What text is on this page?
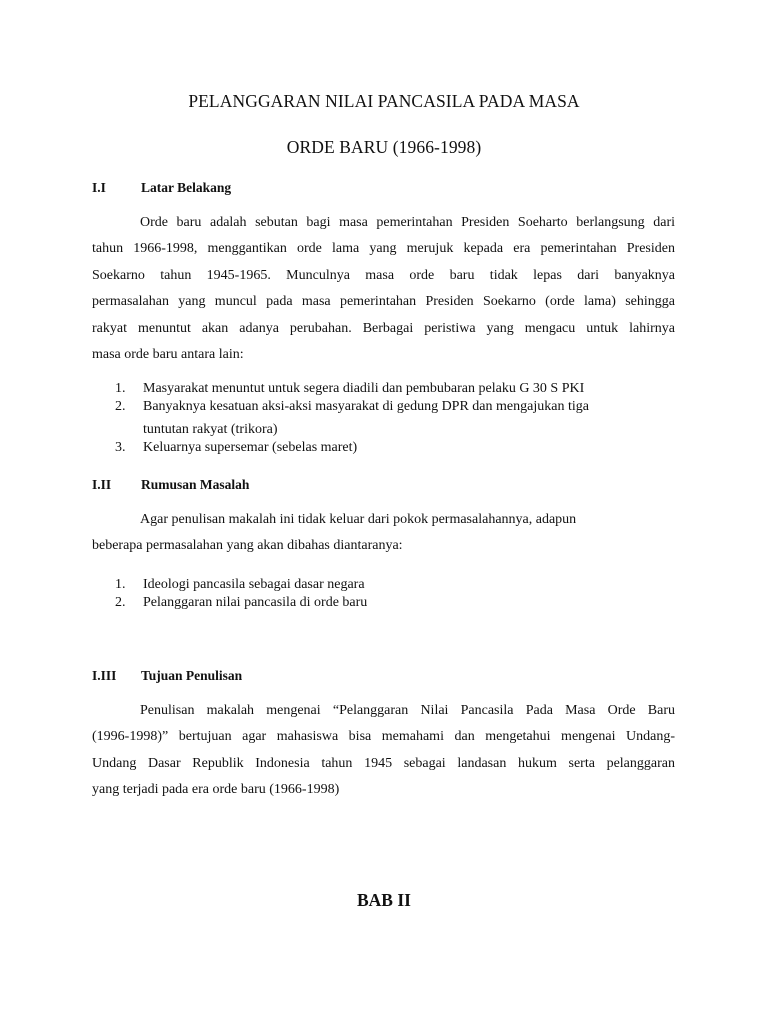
PELANGGARAN NILAI PANCASILA PADA MASA
ORDE BARU (1966-1998)
I.I	Latar Belakang
Orde baru adalah sebutan bagi masa pemerintahan Presiden Soeharto berlangsung dari
tahun 1966-1998, menggantikan orde lama yang merujuk kepada era pemerintahan Presiden
Soekarno tahun 1945-1965. Munculnya masa orde baru tidak lepas dari banyaknya
permasalahan yang muncul pada masa pemerintahan Presiden Soekarno (orde lama) sehingga
rakyat menuntut akan adanya perubahan. Berbagai peristiwa yang mengacu untuk lahirnya
masa orde baru antara lain:
1. Masyarakat menuntut untuk segera diadili dan pembubaran pelaku G 30 S PKI
2. Banyaknya kesatuan aksi-aksi masyarakat di gedung DPR dan mengajukan tiga
tuntutan rakyat (trikora)
3. Keluarnya supersemar (sebelas maret)
I.II Rumusan Masalah
Agar penulisan makalah ini tidak keluar dari pokok permasalahannya, adapun
beberapa permasalahan yang akan dibahas diantaranya:
1. Ideologi pancasila sebagai dasar negara
2. Pelanggaran nilai pancasila di orde baru
I.III Tujuan Penulisan
Penulisan makalah mengenai “Pelanggaran Nilai Pancasila Pada Masa Orde Baru
(1996-1998)” bertujuan agar mahasiswa bisa memahami dan mengetahui mengenai Undang-
Undang Dasar Republik Indonesia tahun 1945 sebagai landasan hukum serta pelanggaran
yang terjadi pada era orde baru (1966-1998)
BAB II
